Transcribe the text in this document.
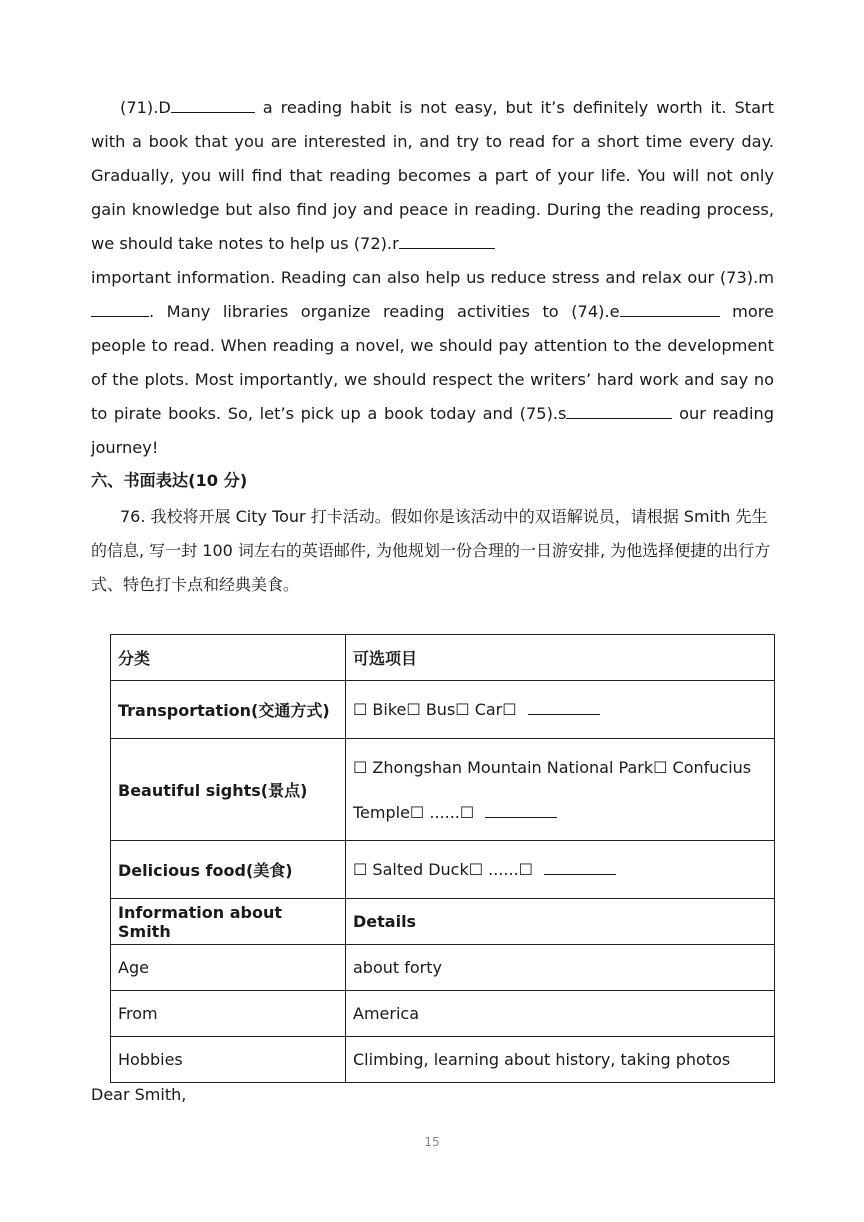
(71).D	a reading habit is not easy, but it’s definitely worth it. Start with a book that you are interested in, and try to read for a short time every day. Gradually, you will find that reading becomes a part of your life. You will not only gain knowledge but also find joy and peace in reading. During the reading process, we should take notes to help us (72).r

important information. Reading can also help us reduce stress and relax our (73).m. Many libraries organize reading activities to (74).e	more people to read. When reading a novel, we should pay attention to the development of the plots. Most importantly, we should respect the writers’ hard work and say no to pirate books. So, let’s pick up a book today and (75).s	our reading journey!

六、书面表达(10 分)

76. 我校将开展 City Tour 打卡活动。假如你是该活动中的双语解说员，请根据 Smith 先生的信息, 写一封 100 词左右的英语邮件, 为他规划一份合理的一日游安排, 为他选择便捷的出行方式、特色打卡点和经典美食。

分类	可选项目
Transportation(交通方式)	☐ Bike☐ Bus☐ Car☐
Beautiful sights(景点)	☐ Zhongshan Mountain National Park☐ Confucius
Temple☐ ......☐

Delicious food(美食)	☐ Salted Duck☐ ......☐
Information about Smith	Details
Age	about forty
From	America
Hobbies	Climbing, learning about history, taking photos

Dear Smith,

15
